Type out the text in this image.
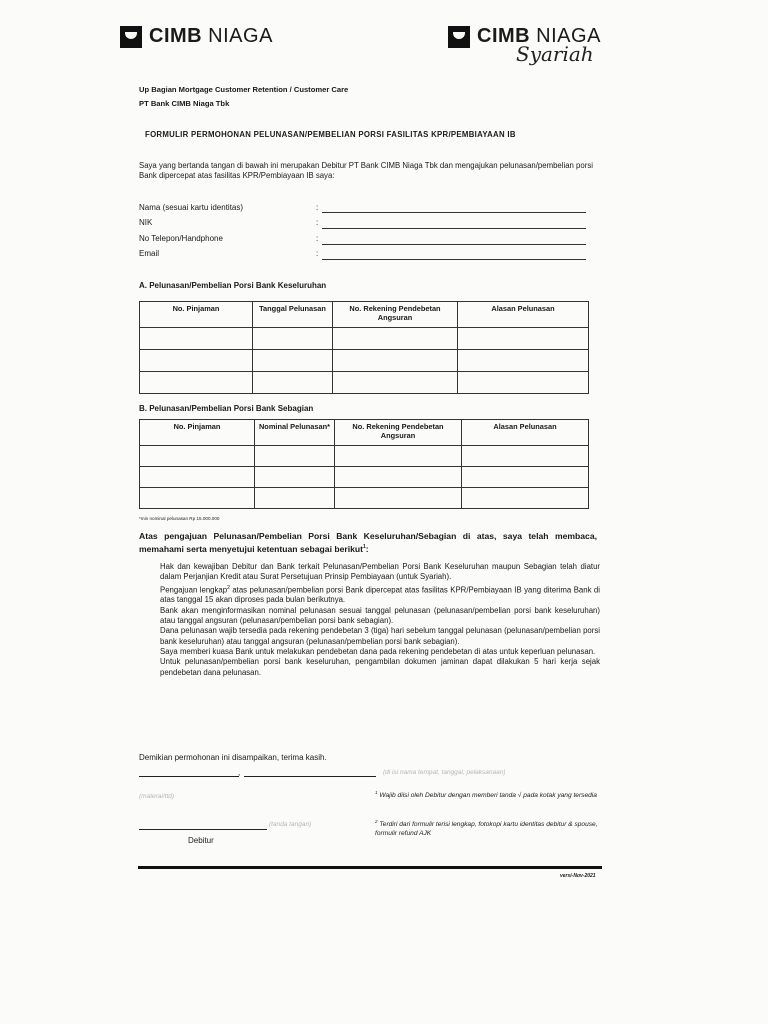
CIMB NIAGA	CIMB NIAGA
Syariah
Up Bagian Mortgage Customer Retention / Customer Care
PT Bank CIMB Niaga Tbk
FORMULIR PERMOHONAN PELUNASAN/PEMBELIAN PORSI FASILITAS KPR/PEMBIAYAAN IB
Saya yang bertanda tangan di bawah ini merupakan Debitur PT Bank CIMB Niaga Tbk dan mengajukan pelunasan/pembelian porsi Bank dipercepat atas fasilitas KPR/Pembiayaan IB saya:
Nama (sesuai kartu identitas)	:
NIK	:
No Telepon/Handphone	:
Email	:
A. Pelunasan/Pembelian Porsi Bank Keseluruhan
No. Pinjaman	Tanggal Pelunasan	No. Rekening Pendebetan Angsuran	Alasan Pelunasan

B. Pelunasan/Pembelian Porsi Bank Sebagian
No. Pinjaman	Nominal Pelunasan*	No. Rekening Pendebetan Angsuran	Alasan Pelunasan

*min nominal pelunasan Rp 15.000.000
Atas pengajuan Pelunasan/Pembelian Porsi Bank Keseluruhan/Sebagian di atas, saya telah membaca, memahami serta menyetujui ketentuan sebagai berikut$^1$:

Hak dan kewajiban Debitur dan Bank terkait Pelunasan/Pembelian Porsi Bank Keseluruhan maupun Sebagian telah diatur dalam Perjanjian Kredit atau Surat Persetujuan Prinsip Pembiayaan (untuk Syariah).

Pengajuan lengkap$^2$ atas pelunasan/pembelian porsi Bank dipercepat atas fasilitas KPR/Pembiayaan IB yang diterima Bank di atas tanggal 15 akan diproses pada bulan berikutnya.

Bank akan menginformasikan nominal pelunasan sesuai tanggal pelunasan (pelunasan/pembelian porsi bank keseluruhan) atau tanggal angsuran (pelunasan/pembelian porsi bank sebagian).

Dana pelunasan wajib tersedia pada rekening pendebetan 3 (tiga) hari sebelum tanggal pelunasan (pelunasan/pembelian porsi bank keseluruhan) atau tanggal angsuran (pelunasan/pembelian porsi bank sebagian).

Saya memberi kuasa Bank untuk melakukan pendebetan dana pada rekening pendebetan di atas untuk keperluan pelunasan.

Untuk pelunasan/pembelian porsi bank keseluruhan, pengambilan dokumen jaminan dapat dilakukan 5 hari kerja sejak pendebetan dana pelunasan.

Demikian permohonan ini disampaikan, terima kasih.
,	(di isi nama tempat, tanggal, pelaksanaan)
(materai/ttd)
$^1$ Wajib diisi oleh Debitur dengan memberi tanda √ pada kotak yang tersedia
$^2$ Terdiri dari formulir terisi lengkap, fotokopi kartu identitas debitur & spouse, formulir refund AJK
(tanda tangan)
Debitur
versi-Nov-2021
